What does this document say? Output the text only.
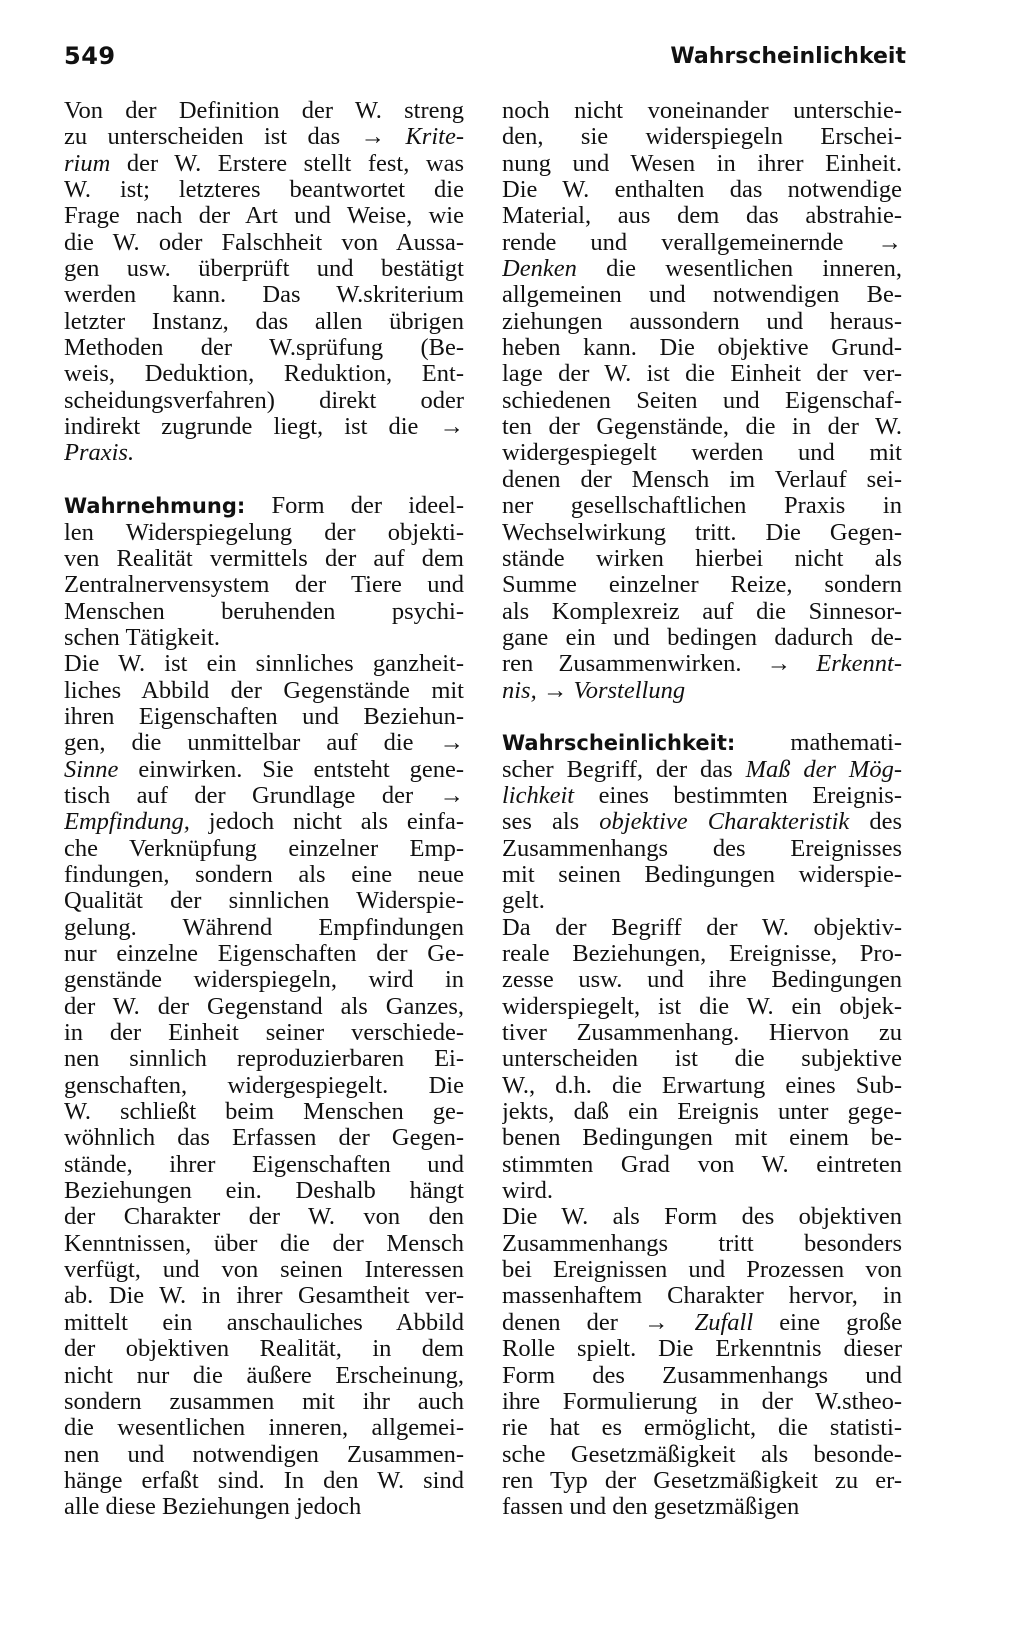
549	Wahrscheinlichkeit
Von der Definition der W. streng
zu unterscheiden ist das → Krite-
rium der W. Erstere stellt fest, was
W. ist; letzteres beantwortet die
Frage nach der Art und Weise, wie
die W. oder Falschheit von Aussa-
gen usw. überprüft und bestätigt
werden kann. Das W.skriterium
letzter Instanz, das allen übrigen
Methoden der W.sprüfung (Be-
weis, Deduktion, Reduktion, Ent-
scheidungsverfahren) direkt oder
indirekt zugrunde liegt, ist die →
Praxis.
Wahrnehmung: Form der ideel-
len Widerspiegelung der objekti-
ven Realität vermittels der auf dem
Zentralnervensystem der Tiere und
Menschen beruhenden psychi-
schen Tätigkeit.
Die W. ist ein sinnliches ganzheit-
liches Abbild der Gegenstände mit
ihren Eigenschaften und Beziehun-
gen, die unmittelbar auf die →
Sinne einwirken. Sie entsteht gene-
tisch auf der Grundlage der →
Empfindung, jedoch nicht als einfa-
che Verknüpfung einzelner Emp-
findungen, sondern als eine neue
Qualität der sinnlichen Widerspie-
gelung. Während Empfindungen
nur einzelne Eigenschaften der Ge-
genstände widerspiegeln, wird in
der W. der Gegenstand als Ganzes,
in der Einheit seiner verschiede-
nen sinnlich reproduzierbaren Ei-
genschaften, widergespiegelt. Die
W. schließt beim Menschen ge-
wöhnlich das Erfassen der Gegen-
stände, ihrer Eigenschaften und
Beziehungen ein. Deshalb hängt
der Charakter der W. von den
Kenntnissen, über die der Mensch
verfügt, und von seinen Interessen
ab. Die W. in ihrer Gesamtheit ver-
mittelt ein anschauliches Abbild
der objektiven Realität, in dem
nicht nur die äußere Erscheinung,
sondern zusammen mit ihr auch
die wesentlichen inneren, allgemei-
nen und notwendigen Zusammen-
hänge erfaßt sind. In den W. sind
alle diese Beziehungen jedoch
noch nicht voneinander unterschie-
den, sie widerspiegeln Erschei-
nung und Wesen in ihrer Einheit.
Die W. enthalten das notwendige
Material, aus dem das abstrahie-
rende und verallgemeinernde →
Denken die wesentlichen inneren,
allgemeinen und notwendigen Be-
ziehungen aussondern und heraus-
heben kann. Die objektive Grund-
lage der W. ist die Einheit der ver-
schiedenen Seiten und Eigenschaf-
ten der Gegenstände, die in der W.
widergespiegelt werden und mit
denen der Mensch im Verlauf sei-
ner gesellschaftlichen Praxis in
Wechselwirkung tritt. Die Gegen-
stände wirken hierbei nicht als
Summe einzelner Reize, sondern
als Komplexreiz auf die Sinnesor-
gane ein und bedingen dadurch de-
ren Zusammenwirken. → Erkennt-
nis, → Vorstellung
Wahrscheinlichkeit: mathemati-
scher Begriff, der das Maß der Mög-
lichkeit eines bestimmten Ereignis-
ses als objektive Charakteristik des
Zusammenhangs des Ereignisses
mit seinen Bedingungen widerspie-
gelt.
Da der Begriff der W. objektiv-
reale Beziehungen, Ereignisse, Pro-
zesse usw. und ihre Bedingungen
widerspiegelt, ist die W. ein objek-
tiver Zusammenhang. Hiervon zu
unterscheiden ist die subjektive
W., d.h. die Erwartung eines Sub-
jekts, daß ein Ereignis unter gege-
benen Bedingungen mit einem be-
stimmten Grad von W. eintreten
wird.
Die W. als Form des objektiven
Zusammenhangs tritt besonders
bei Ereignissen und Prozessen von
massenhaftem Charakter hervor, in
denen der → Zufall eine große
Rolle spielt. Die Erkenntnis dieser
Form des Zusammenhangs und
ihre Formulierung in der W.stheo-
rie hat es ermöglicht, die statisti-
sche Gesetzmäßigkeit als besonde-
ren Typ der Gesetzmäßigkeit zu er-
fassen und den gesetzmäßigen
